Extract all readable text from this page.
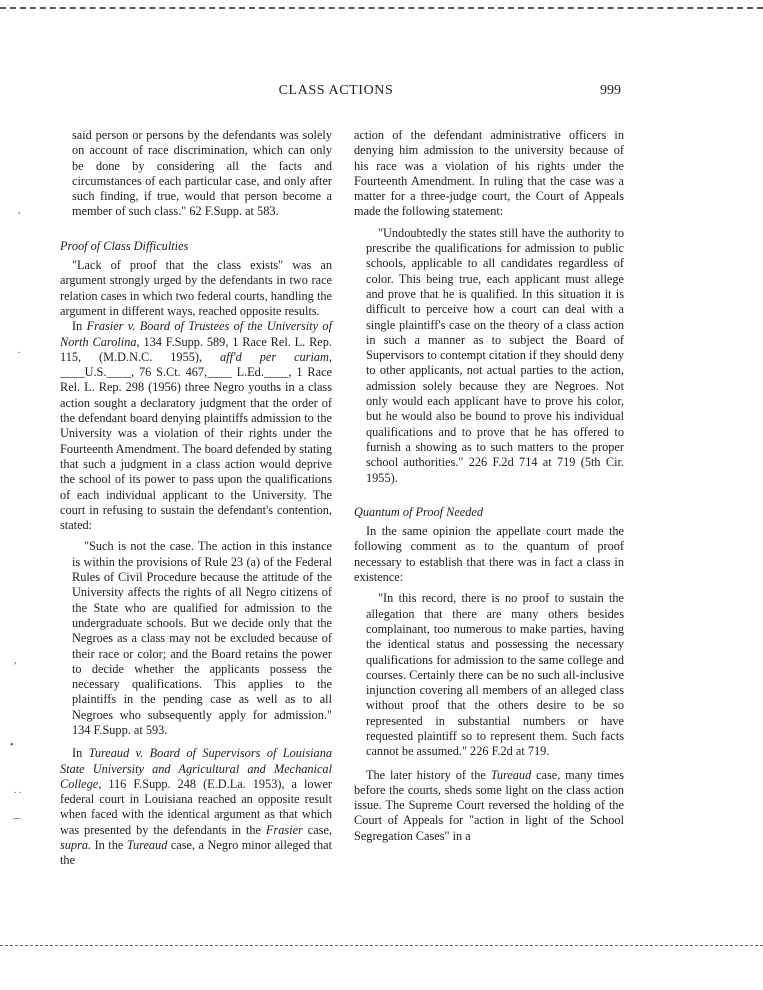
CLASS ACTIONS	999

said person or persons by the defendants was solely on account of race discrimination, which can only be done by considering all the facts and circumstances of each particular case, and only after such finding, if true, would that person become a member of such class." 62 F.Supp. at 583.

Proof of Class Difficulties

"Lack of proof that the class exists" was an argument strongly urged by the defendants in two race relation cases in which two federal courts, handling the argument in different ways, reached opposite results.

In Frasier v. Board of Trustees of the University of North Carolina, 134 F.Supp. 589, 1 Race Rel. L. Rep. 115, (M.D.N.C. 1955), aff'd per curiam, ____U.S.____, 76 S.Ct. 467,____ L.Ed.____, 1 Race Rel. L. Rep. 298 (1956) three Negro youths in a class action sought a declaratory judgment that the order of the defendant board denying plaintiffs admission to the University was a violation of their rights under the Fourteenth Amendment. The board defended by stating that such a judgment in a class action would deprive the school of its power to pass upon the qualifications of each individual applicant to the University. The court in refusing to sustain the defendant's contention, stated:

"Such is not the case. The action in this instance is within the provisions of Rule 23 (a) of the Federal Rules of Civil Procedure because the attitude of the University affects the rights of all Negro citizens of the State who are qualified for admission to the undergraduate schools. But we decide only that the Negroes as a class may not be excluded because of their race or color; and the Board retains the power to decide whether the applicants possess the necessary qualifications. This applies to the plaintiffs in the pending case as well as to all Negroes who subsequently apply for admission." 134 F.Supp. at 593.

In Tureaud v. Board of Supervisors of Louisiana State University and Agricultural and Mechanical College, 116 F.Supp. 248 (E.D.La. 1953), a lower federal court in Louisiana reached an opposite result when faced with the identical argument as that which was presented by the defendants in the Frasier case, supra. In the Tureaud case, a Negro minor alleged that the

action of the defendant administrative officers in denying him admission to the university because of his race was a violation of his rights under the Fourteenth Amendment. In ruling that the case was a matter for a three-judge court, the Court of Appeals made the following statement:

"Undoubtedly the states still have the authority to prescribe the qualifications for admission to public schools, applicable to all candidates regardless of color. This being true, each applicant must allege and prove that he is qualified. In this situation it is difficult to perceive how a court can deal with a single plaintiff's case on the theory of a class action in such a manner as to subject the Board of Supervisors to contempt citation if they should deny to other applicants, not actual parties to the action, admission solely because they are Negroes. Not only would each applicant have to prove his color, but he would also be bound to prove his individual qualifications and to prove that he has offered to furnish a showing as to such matters to the proper school authorities." 226 F.2d 714 at 719 (5th Cir. 1955).

Quantum of Proof Needed

In the same opinion the appellate court made the following comment as to the quantum of proof necessary to establish that there was in fact a class in existence:

"In this record, there is no proof to sustain the allegation that there are many others besides complainant, too numerous to make parties, having the identical status and possessing the necessary qualifications for admission to the same college and courses. Certainly there can be no such all-inclusive injunction covering all members of an alleged class without proof that the others desire to be so represented in substantial numbers or have requested plaintiff so to represent them. Such facts cannot be assumed." 226 F.2d at 719.

The later history of the Tureaud case, many times before the courts, sheds some light on the class action issue. The Supreme Court reversed the holding of the Court of Appeals for "action in light of the School Segregation Cases" in a

,
.
,
•
. .
⌒
